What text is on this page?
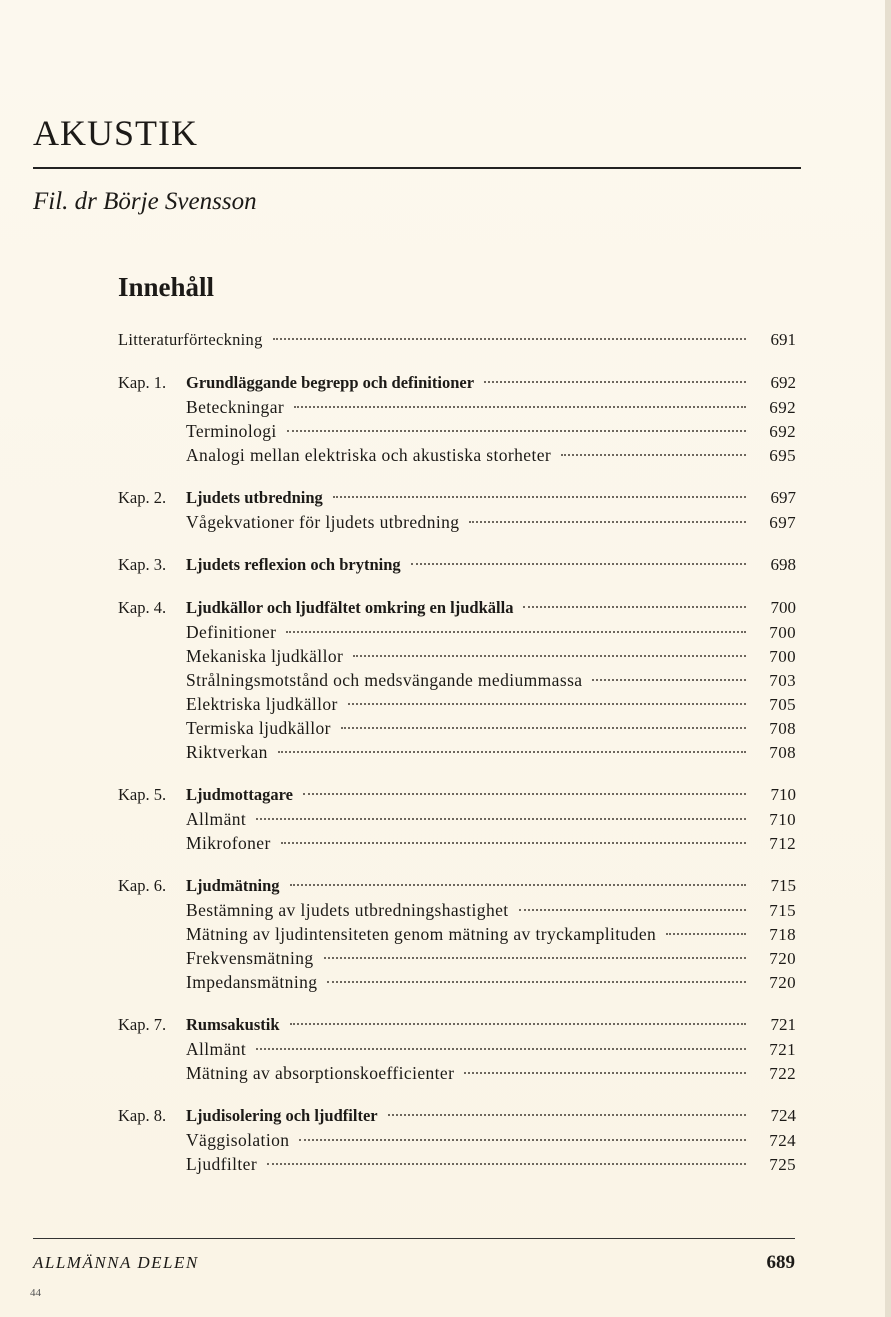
AKUSTIK
Fil. dr Börje Svensson
Innehåll
Litteraturförteckning	691
Kap. 1.	Grundläggande begrepp och definitioner	692
Beteckningar	692
Terminologi	692
Analogi mellan elektriska och akustiska storheter	695
Kap. 2.	Ljudets utbredning	697
Vågekvationer för ljudets utbredning	697
Kap. 3.	Ljudets reflexion och brytning	698
Kap. 4.	Ljudkällor och ljudfältet omkring en ljudkälla	700
Definitioner	700
Mekaniska ljudkällor	700
Strålningsmotstånd och medsvängande mediummassa	703
Elektriska ljudkällor	705
Termiska ljudkällor	708
Riktverkan	708
Kap. 5.	Ljudmottagare	710
Allmänt	710
Mikrofoner	712
Kap. 6.	Ljudmätning	715
Bestämning av ljudets utbredningshastighet	715
Mätning av ljudintensiteten genom mätning av tryckamplituden	718
Frekvensmätning	720
Impedansmätning	720
Kap. 7.	Rumsakustik	721
Allmänt	721
Mätning av absorptionskoefficienter	722
Kap. 8.	Ljudisolering och ljudfilter	724
Väggisolation	724
Ljudfilter	725
ALLMÄNNA DELEN	689
44
